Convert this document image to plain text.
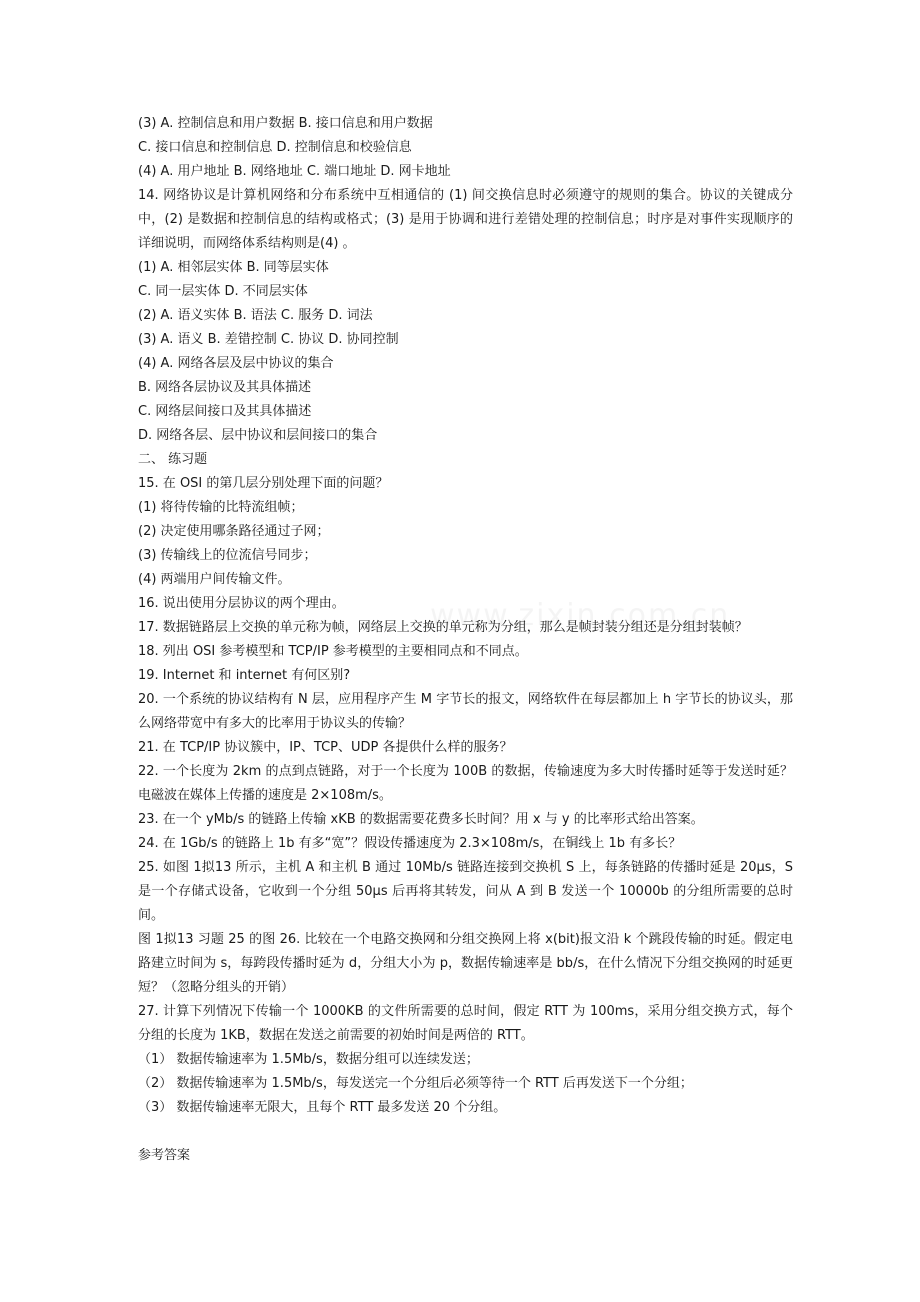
(3) A. 控制信息和用户数据 B. 接口信息和用户数据

C. 接口信息和控制信息 D. 控制信息和校验信息

(4) A. 用户地址 B. 网络地址 C. 端口地址 D. 网卡地址

14. 网络协议是计算机网络和分布系统中互相通信的 (1) 间交换信息时必须遵守的规则的集合。协议的关键成分中，(2) 是数据和控制信息的结构或格式；(3) 是用于协调和进行差错处理的控制信息；时序是对事件实现顺序的详细说明，而网络体系结构则是(4) 。

(1) A. 相邻层实体 B. 同等层实体

C. 同一层实体 D. 不同层实体

(2) A. 语义实体 B. 语法 C. 服务 D. 词法

(3) A. 语义 B. 差错控制 C. 协议 D. 协同控制

(4) A. 网络各层及层中协议的集合

B. 网络各层协议及其具体描述

C. 网络层间接口及其具体描述

D. 网络各层、层中协议和层间接口的集合

二、 练习题

15. 在 OSI 的第几层分别处理下面的问题？

(1) 将待传输的比特流组帧；

(2) 决定使用哪条路径通过子网；

(3) 传输线上的位流信号同步；

(4) 两端用户间传输文件。

16. 说出使用分层协议的两个理由。

17. 数据链路层上交换的单元称为帧，网络层上交换的单元称为分组，那么是帧封装分组还是分组封装帧？

18. 列出 OSI 参考模型和 TCP/IP 参考模型的主要相同点和不同点。

19. Internet 和 internet 有何区别?

20. 一个系统的协议结构有 N 层，应用程序产生 M 字节长的报文，网络软件在每层都加上 h 字节长的协议头，那么网络带宽中有多大的比率用于协议头的传输？

21. 在 TCP/IP 协议簇中，IP、TCP、UDP 各提供什么样的服务？

22. 一个长度为 2km 的点到点链路，对于一个长度为 100B 的数据，传输速度为多大时传播时延等于发送时延？电磁波在媒体上传播的速度是 2×108m/s。

23. 在一个 yMb/s 的链路上传输 xKB 的数据需要花费多长时间？用 x 与 y 的比率形式给出答案。

24. 在 1Gb/s 的链路上 1b 有多“宽”？假设传播速度为 2.3×108m/s，在铜线上 1b 有多长？

25. 如图 1拟13 所示，主机 A 和主机 B 通过 10Mb/s 链路连接到交换机 S 上，每条链路的传播时延是 20μs，S 是一个存储式设备，它收到一个分组 50μs 后再将其转发，问从 A 到 B 发送一个 10000b 的分组所需要的总时间。

图 1拟13 习题 25 的图 26. 比较在一个电路交换网和分组交换网上将 x(bit)报文沿 k 个跳段传输的时延。假定电路建立时间为 s，每跨段传播时延为 d，分组大小为 p，数据传输速率是 bb/s，在什么情况下分组交换网的时延更短？（忽略分组头的开销）

27. 计算下列情况下传输一个 1000KB 的文件所需要的总时间，假定 RTT 为 100ms，采用分组交换方式，每个分组的长度为 1KB，数据在发送之前需要的初始时间是两倍的 RTT。

（1） 数据传输速率为 1.5Mb/s，数据分组可以连续发送；

（2） 数据传输速率为 1.5Mb/s，每发送完一个分组后必须等待一个 RTT 后再发送下一个分组；

（3） 数据传输速率无限大，且每个 RTT 最多发送 20 个分组。

参考答案
